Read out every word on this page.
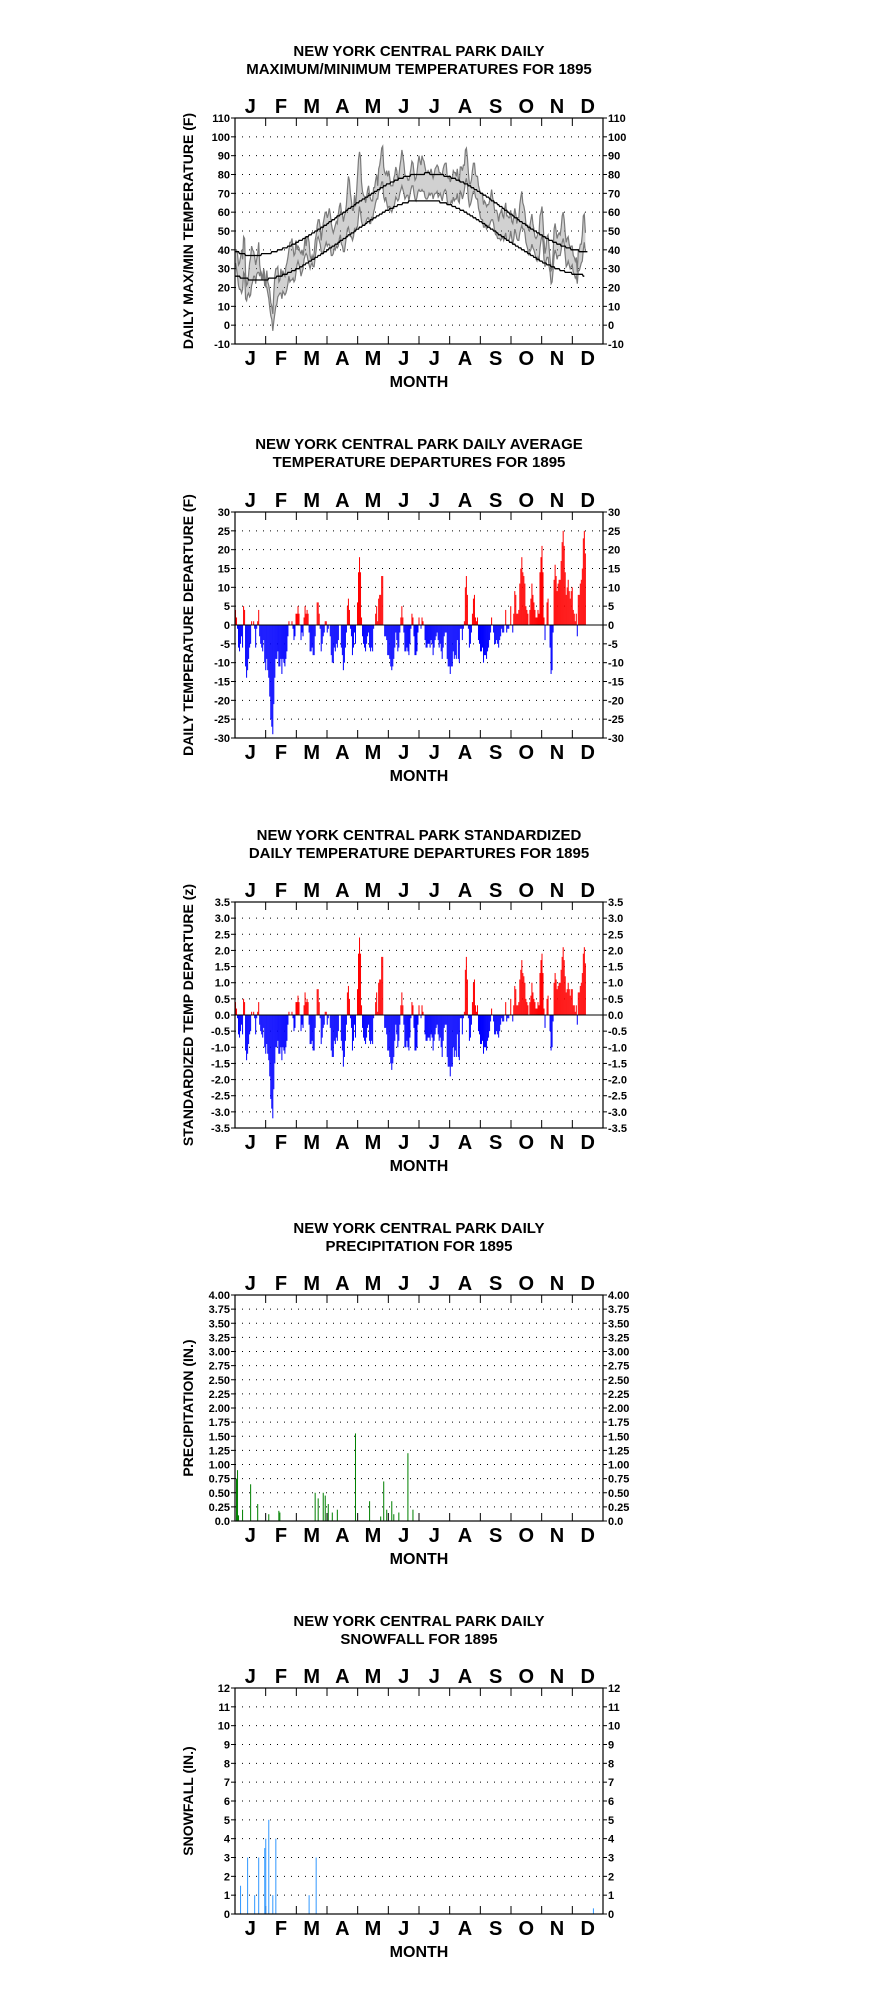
NEW YORK CENTRAL PARK DAILY
MAXIMUM/MINIMUM TEMPERATURES FOR 1895
J
J
F
F
M
M
A
A
M
M
J
J
J
J
A
A
S
S
O
O
N
N
D
D
MONTH
DAILY MAX/MIN TEMPERATURE (F) 110	110
100	100
90	90
80	80
70	70
60	60
50	50
40	40
30	30
20	20
10	10
0	0
-10	-10
NEW YORK CENTRAL PARK DAILY AVERAGE
TEMPERATURE DEPARTURES FOR 1895
J
J
F
F
M
M
A
A
M
M
J
J
J
J
A
A
S
S
O
O
N
N
D
D
MONTH
DAILY TEMPERATURE DEPARTURE (F) 30	30
25	25
20	20
15	15
10	10
5	5
0	0
-5	-5
-10	-10
-15	-15
-20	-20
-25	-25
-30	-30
NEW YORK CENTRAL PARK STANDARDIZED
DAILY TEMPERATURE DEPARTURES FOR 1895
J
J
F
F
M
M
A
A
M
M
J
J
J
J
A
A
S
S
O
O
N
N
D
D
MONTH
STANDARDIZED TEMP DEPARTURE (z) 3.5	3.5
3.0	3.0
2.5	2.5
2.0	2.0
1.5	1.5
1.0	1.0
0.5	0.5
0.0	0.0
-0.5	-0.5
-1.0	-1.0
-1.5	-1.5
-2.0	-2.0
-2.5	-2.5
-3.0	-3.0
-3.5	-3.5
NEW YORK CENTRAL PARK DAILY
PRECIPITATION FOR 1895
J
J
F
F
M
M
A
A
M
M
J
J
J
J
A
A
S
S
O
O
N
N
D
D
MONTH
PRECIPITATION (IN.)
4.00	4.00
3.75	3.75
3.50	3.50
3.25	3.25
3.00	3.00
2.75	2.75
2.50	2.50
2.25	2.25
2.00	2.00
1.75	1.75
1.50	1.50
1.25	1.25
1.00	1.00
0.75	0.75
0.50	0.50
0.25	0.25
0.0	0.0
NEW YORK CENTRAL PARK DAILY
SNOWFALL FOR 1895
J
J
F
F
M
M
A
A
M
M
J
J
J
J
A
A
S
S
O
O
N
N
D
D
MONTH
SNOWFALL (IN.)
12	12
11	11
10	10
9	9
8	8
7	7
6	6
5	5
4	4
3	3
2	2
1	1
0	0
